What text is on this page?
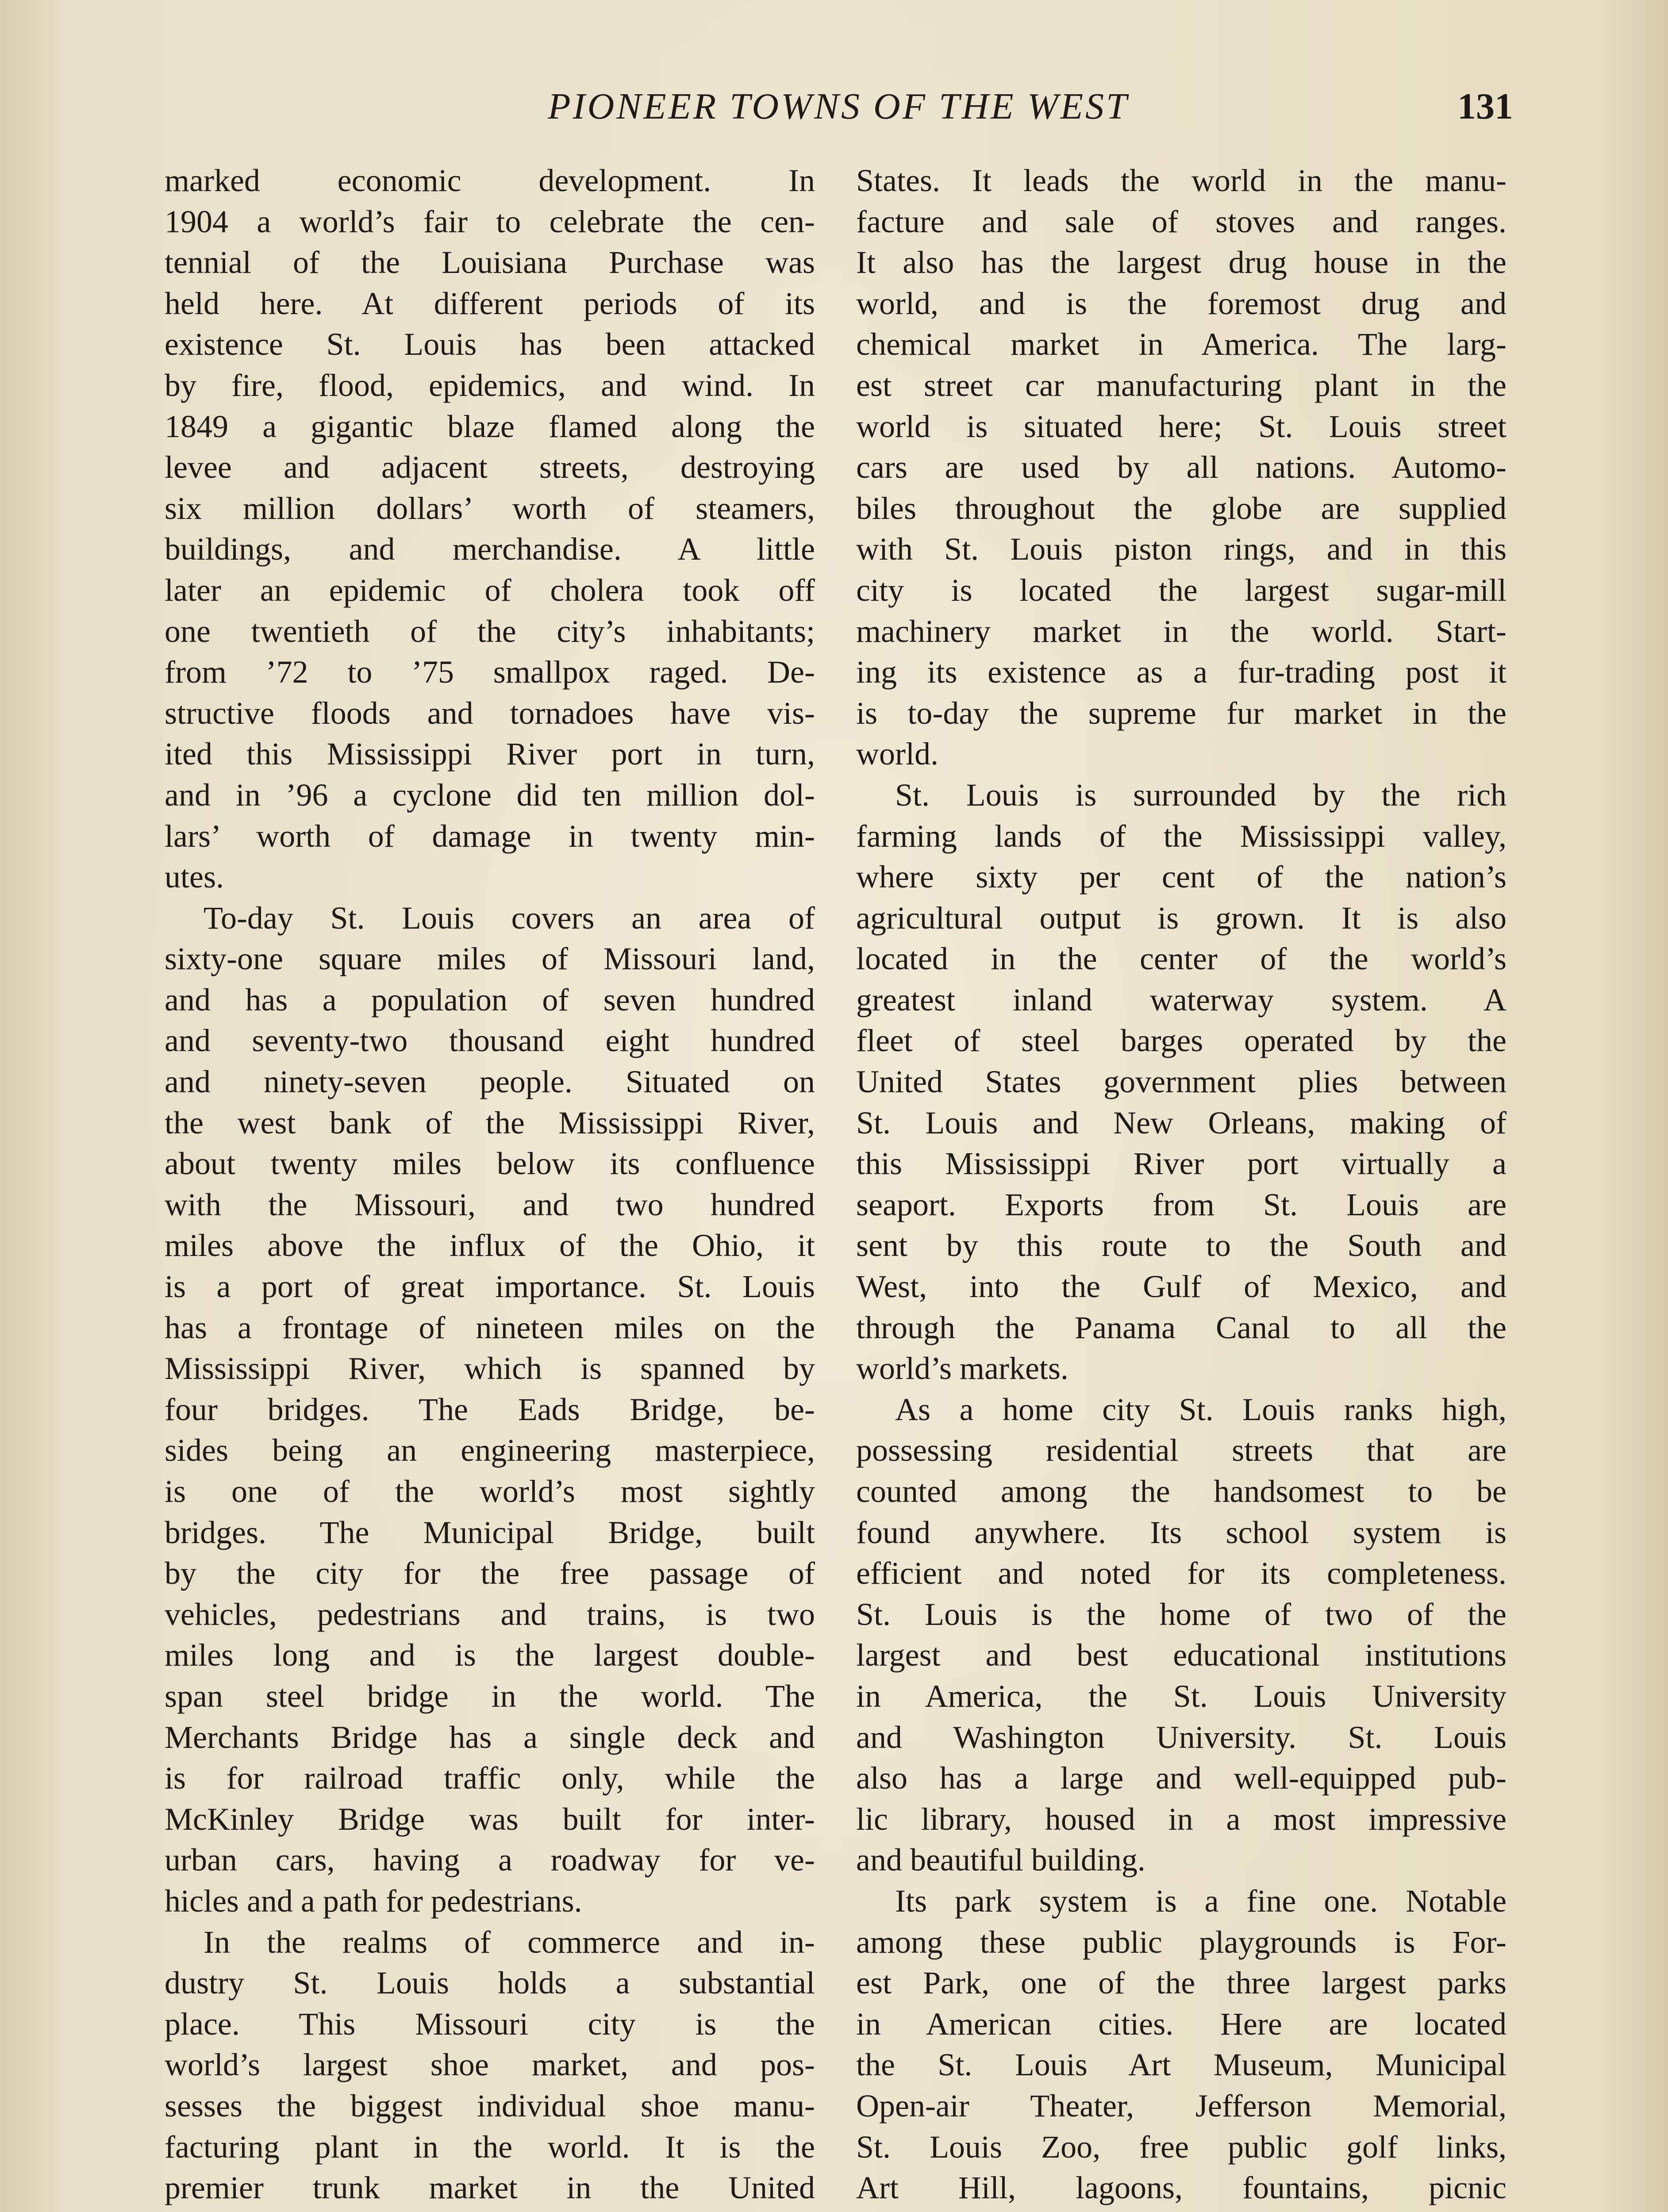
PIONEER TOWNS OF THE WEST	131
marked economic development. In
1904 a world’s fair to celebrate the cen-
tennial of the Louisiana Purchase was
held here. At different periods of its
existence St. Louis has been attacked
by fire, flood, epidemics, and wind. In
1849 a gigantic blaze flamed along the
levee and adjacent streets, destroying
six million dollars’ worth of steamers,
buildings, and merchandise. A little
later an epidemic of cholera took off
one twentieth of the city’s inhabitants;
from ’72 to ’75 smallpox raged. De-
structive floods and tornadoes have vis-
ited this Mississippi River port in turn,
and in ’96 a cyclone did ten million dol-
lars’ worth of damage in twenty min-
utes.
To-day St. Louis covers an area of
sixty-one square miles of Missouri land,
and has a population of seven hundred
and seventy-two thousand eight hundred
and ninety-seven people. Situated on
the west bank of the Mississippi River,
about twenty miles below its confluence
with the Missouri, and two hundred
miles above the influx of the Ohio, it
is a port of great importance. St. Louis
has a frontage of nineteen miles on the
Mississippi River, which is spanned by
four bridges. The Eads Bridge, be-
sides being an engineering masterpiece,
is one of the world’s most sightly
bridges. The Municipal Bridge, built
by the city for the free passage of
vehicles, pedestrians and trains, is two
miles long and is the largest double-
span steel bridge in the world. The
Merchants Bridge has a single deck and
is for railroad traffic only, while the
McKinley Bridge was built for inter-
urban cars, having a roadway for ve-
hicles and a path for pedestrians.
In the realms of commerce and in-
dustry St. Louis holds a substantial
place. This Missouri city is the
world’s largest shoe market, and pos-
sesses the biggest individual shoe manu-
facturing plant in the world. It is the
premier trunk market in the United
States. It leads the world in the manu-
facture and sale of stoves and ranges.
It also has the largest drug house in the
world, and is the foremost drug and
chemical market in America. The larg-
est street car manufacturing plant in the
world is situated here; St. Louis street
cars are used by all nations. Automo-
biles throughout the globe are supplied
with St. Louis piston rings, and in this
city is located the largest sugar-mill
machinery market in the world. Start-
ing its existence as a fur-trading post it
is to-day the supreme fur market in the
world.
St. Louis is surrounded by the rich
farming lands of the Mississippi valley,
where sixty per cent of the nation’s
agricultural output is grown. It is also
located in the center of the world’s
greatest inland waterway system. A
fleet of steel barges operated by the
United States government plies between
St. Louis and New Orleans, making of
this Mississippi River port virtually a
seaport. Exports from St. Louis are
sent by this route to the South and
West, into the Gulf of Mexico, and
through the Panama Canal to all the
world’s markets.
As a home city St. Louis ranks high,
possessing residential streets that are
counted among the handsomest to be
found anywhere. Its school system is
efficient and noted for its completeness.
St. Louis is the home of two of the
largest and best educational institutions
in America, the St. Louis University
and Washington University. St. Louis
also has a large and well-equipped pub-
lic library, housed in a most impressive
and beautiful building.
Its park system is a fine one. Notable
among these public playgrounds is For-
est Park, one of the three largest parks
in American cities. Here are located
the St. Louis Art Museum, Municipal
Open-air Theater, Jefferson Memorial,
St. Louis Zoo, free public golf links,
Art Hill, lagoons, fountains, picnic
